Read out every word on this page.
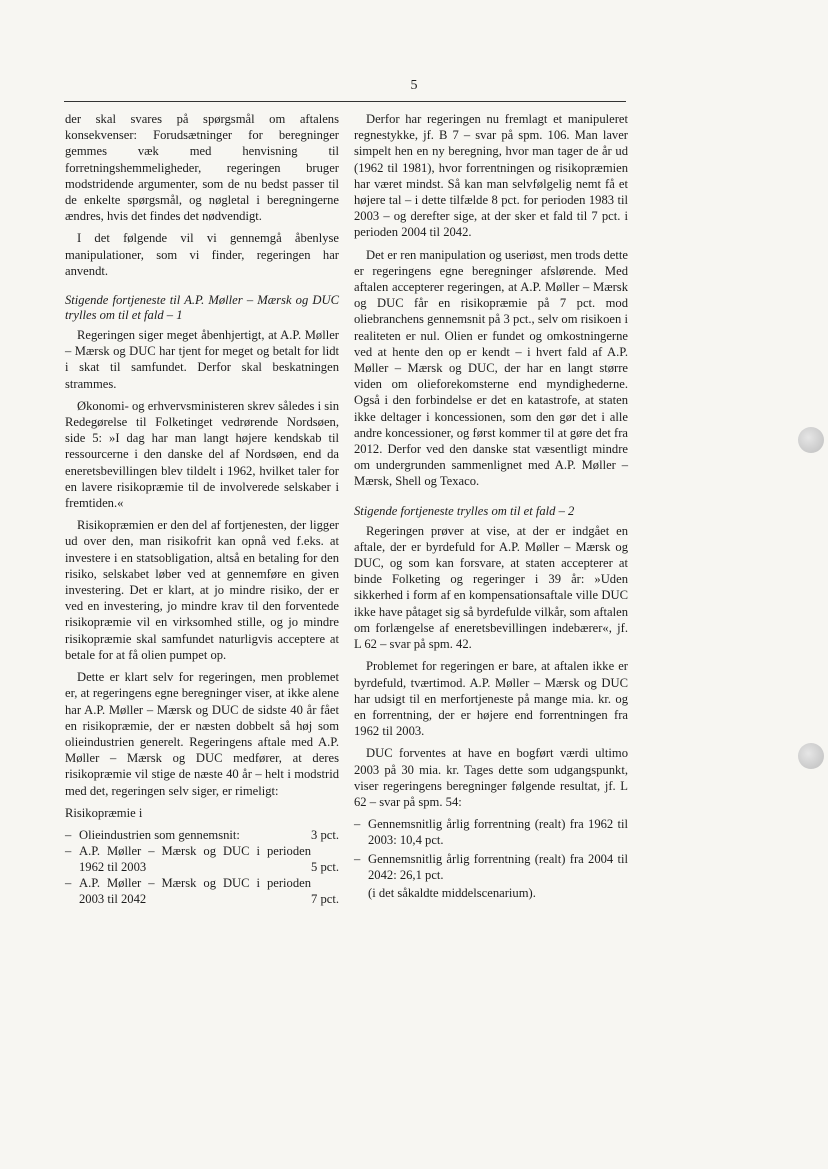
5

der skal svares på spørgsmål om aftalens konsekvenser: Forudsætninger for beregninger gemmes væk med henvisning til forretningshemmeligheder, regeringen bruger modstridende argumenter, som de nu bedst passer til de enkelte spørgsmål, og nøgletal i beregningerne ændres, hvis det findes det nødvendigt.

I det følgende vil vi gennemgå åbenlyse manipulationer, som vi finder, regeringen har anvendt.

Stigende fortjeneste til A.P. Møller – Mærsk og DUC trylles om til et fald – 1

Regeringen siger meget åbenhjertigt, at A.P. Møller – Mærsk og DUC har tjent for meget og betalt for lidt i skat til samfundet. Derfor skal beskatningen strammes.

Økonomi- og erhvervsministeren skrev således i sin Redegørelse til Folketinget vedrørende Nordsøen, side 5: »I dag har man langt højere kendskab til ressourcerne i den danske del af Nordsøen, end da eneretsbevillingen blev tildelt i 1962, hvilket taler for en lavere risikopræmie til de involverede selskaber i fremtiden.«

Risikopræmien er den del af fortjenesten, der ligger ud over den, man risikofrit kan opnå ved f.eks. at investere i en statsobligation, altså en betaling for den risiko, selskabet løber ved at gennemføre en given investering. Det er klart, at jo mindre risiko, der er ved en investering, jo mindre krav til den forventede risikopræmie vil en virksomhed stille, og jo mindre risikopræmie skal samfundet naturligvis acceptere at betale for at få olien pumpet op.

Dette er klart selv for regeringen, men problemet er, at regeringens egne beregninger viser, at ikke alene har A.P. Møller – Mærsk og DUC de sidste 40 år fået en risikopræmie, der er næsten dobbelt så høj som olieindustrien generelt. Regeringens aftale med A.P. Møller – Mærsk og DUC medfører, at deres risikopræmie vil stige de næste 40 år – helt i modstrid med det, regeringen selv siger, er rimeligt:

Risikopræmie i

–	Olieindustrien som gennemsnit:	3 pct.
–	A.P. Møller – Mærsk og DUC i perioden 1962 til 2003	5 pct.
–	A.P. Møller – Mærsk og DUC i perioden 2003 til 2042	7 pct.

Derfor har regeringen nu fremlagt et manipuleret regnestykke, jf. B 7 – svar på spm. 106. Man laver simpelt hen en ny beregning, hvor man tager de år ud (1962 til 1981), hvor forrentningen og risikopræmien har været mindst. Så kan man selvfølgelig nemt få et højere tal – i dette tilfælde 8 pct. for perioden 1983 til 2003 – og derefter sige, at der sker et fald til 7 pct. i perioden 2004 til 2042.

Det er ren manipulation og useriøst, men trods dette er regeringens egne beregninger afslørende. Med aftalen accepterer regeringen, at A.P. Møller – Mærsk og DUC får en risikopræmie på 7 pct. mod oliebranchens gennemsnit på 3 pct., selv om risikoen i realiteten er nul. Olien er fundet og omkostningerne ved at hente den op er kendt – i hvert fald af A.P. Møller – Mærsk og DUC, der har en langt større viden om olieforekomsterne end myndighederne. Også i den forbindelse er det en katastrofe, at staten ikke deltager i koncessionen, som den gør det i alle andre koncessioner, og først kommer til at gøre det fra 2012. Derfor ved den danske stat væsentligt mindre om undergrunden sammenlignet med A.P. Møller – Mærsk, Shell og Texaco.

Stigende fortjeneste trylles om til et fald – 2

Regeringen prøver at vise, at der er indgået en aftale, der er byrdefuld for A.P. Møller – Mærsk og DUC, og som kan forsvare, at staten accepterer at binde Folketing og regeringer i 39 år: »Uden sikkerhed i form af en kompensationsaftale ville DUC ikke have påtaget sig så byrdefulde vilkår, som aftalen om forlængelse af eneretsbevillingen indebærer«, jf. L 62 – svar på spm. 42.

Problemet for regeringen er bare, at aftalen ikke er byrdefuld, tværtimod. A.P. Møller – Mærsk og DUC har udsigt til en merfortjeneste på mange mia. kr. og en forrentning, der er højere end forrentningen fra 1962 til 2003.

DUC forventes at have en bogført værdi ultimo 2003 på 30 mia. kr. Tages dette som udgangspunkt, viser regeringens beregninger følgende resultat, jf. L 62 – svar på spm. 54:

– Gennemsnitlig årlig forrentning (realt) fra 1962 til 2003: 10,4 pct.
– Gennemsnitlig årlig forrentning (realt) fra 2004 til 2042: 26,1 pct.
(i det såkaldte middelscenarium).
